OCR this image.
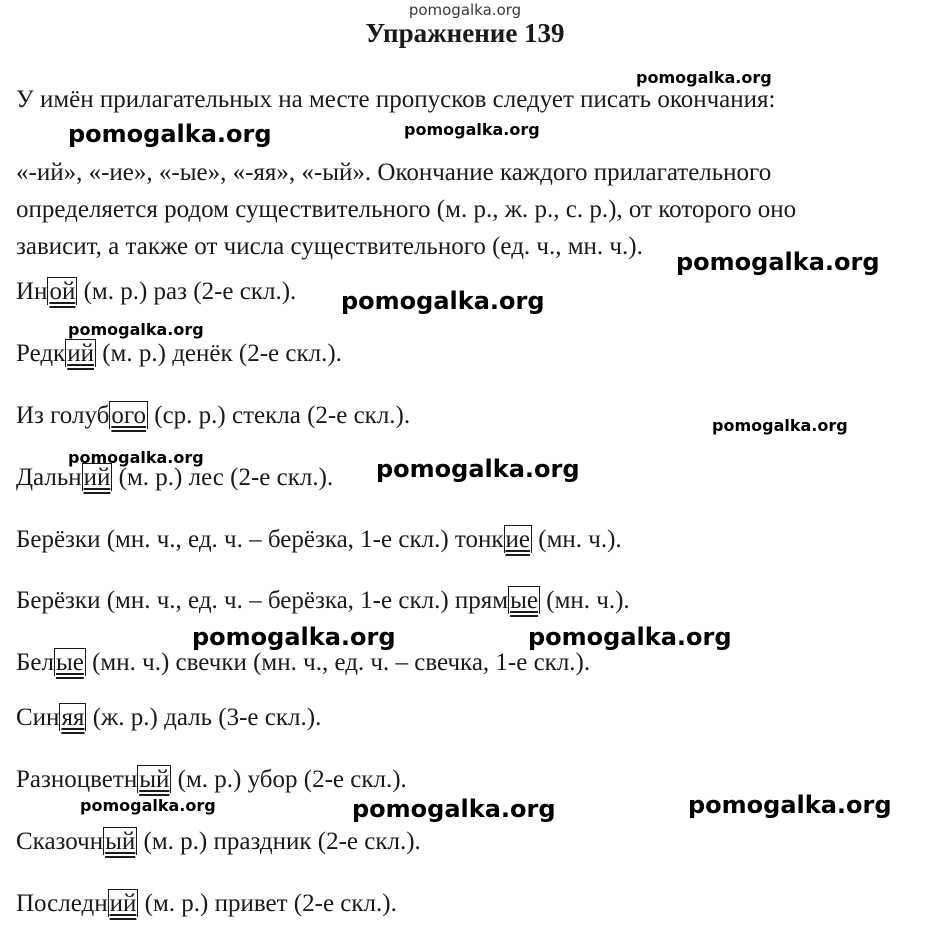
pomogalka.org
Упражнение 139

У имён прилагательных на месте пропусков следует писать окончания:

«-ий», «-ие», «-ые», «-яя», «-ый». Окончание каждого прилагательного

определяется родом существительного (м. р., ж. р., с. р.), от которого оно

зависит, а также от числа существительного (ед. ч., мн. ч.).

Иной (м. р.) раз (2-е скл.).
Редкий (м. р.) денёк (2-е скл.).
Из голубого (ср. р.) стекла (2-е скл.).
Дальний (м. р.) лес (2-е скл.).
Берёзки (мн. ч., ед. ч. – берёзка, 1-е скл.) тонкие (мн. ч.).
Берёзки (мн. ч., ед. ч. – берёзка, 1-е скл.) прямые (мн. ч.).
Белые (мн. ч.) свечки (мн. ч., ед. ч. – свечка, 1-е скл.).
Синяя (ж. р.) даль (3-е скл.).
Разноцветный (м. р.) убор (2-е скл.).
Сказочный (м. р.) праздник (2-е скл.).
Последний (м. р.) привет (2-е скл.).
pomogalka.org
pomogalka.org	pomogalka.org
pomogalka.org
pomogalka.org
pomogalka.org
pomogalka.org
pomogalka.org	pomogalka.org
pomogalka.org	pomogalka.org
pomogalka.org	pomogalka.org	pomogalka.org
